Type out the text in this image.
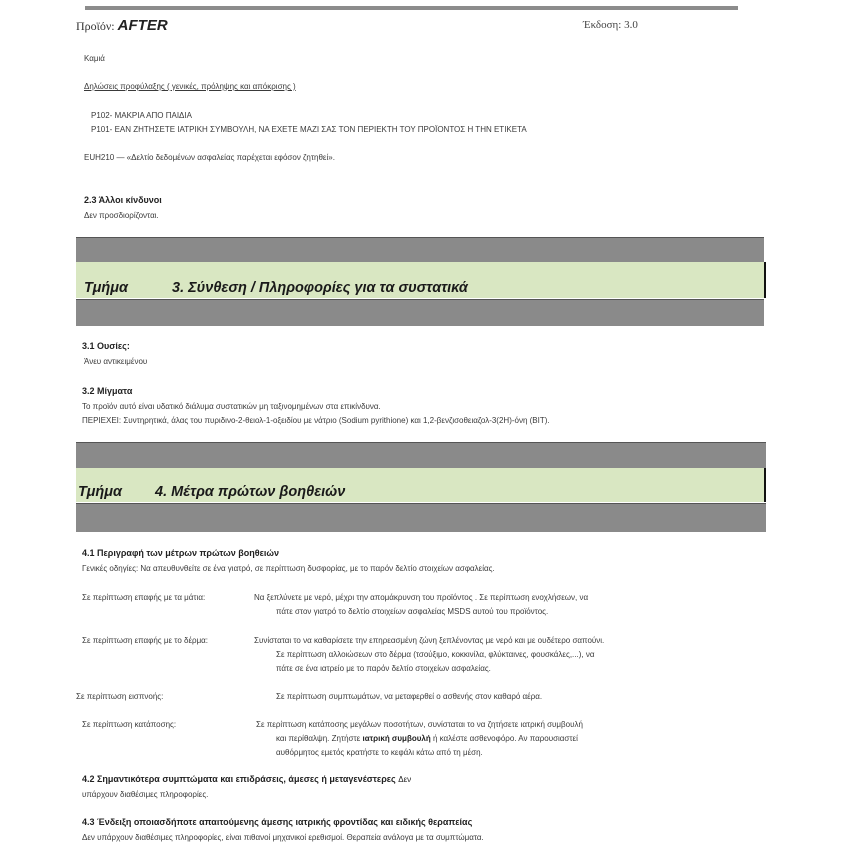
Προϊόν: AFTER	Έκδοση: 3.0
Καμιά
Δηλώσεις προφύλαξης ( γενικές, πρόληψης και απόκρισης )
P102- ΜΑΚΡΙΑ ΑΠΟ ΠΑΙΔΙΑ
P101- ΕΑΝ ΖΗΤΗΣΕΤΕ ΙΑΤΡΙΚΗ ΣΥΜΒΟΥΛΗ, ΝΑ ΕΧΕΤΕ ΜΑΖΙ ΣΑΣ ΤΟΝ ΠΕΡΙΕΚΤΗ ΤΟΥ ΠΡΟΪΟΝΤΟΣ Η ΤΗΝ ΕΤΙΚΕΤΑ
EUH210 — «Δελτίο δεδομένων ασφαλείας παρέχεται εφόσον ζητηθεί».
2.3 Άλλοι κίνδυνοι
Δεν προσδιορίζονται.
Τμήμα	3. Σύνθεση / Πληροφορίες για τα συστατικά
3.1 Ουσίες:
Άνευ αντικειμένου
3.2 Μίγματα
Το προϊόν αυτό είναι υδατικό διάλυμα συστατικών μη ταξινομημένων στα επικίνδυνα.
ΠΕΡΙΕΧΕΙ: Συντηρητικά, άλας του πυριδινο-2-θειολ-1-οξειδίου με νάτριο (Sodium pyrithione) και 1,2-βενζισοθειαζολ-3(2H)-όνη (BIT).
Τμήμα 4. Μέτρα πρώτων βοηθειών
4.1 Περιγραφή των μέτρων πρώτων βοηθειών
Γενικές οδηγίες: Να απευθυνθείτε σε ένα γιατρό, σε περίπτωση δυσφορίας, με το παρόν δελτίο στοιχείων ασφαλείας.
Σε περίπτωση επαφής με τα μάτια:	Να ξεπλύνετε με νερό, μέχρι την απομάκρυνση του προϊόντος . Σε περίπτωση ενοχλήσεων, να
πάτε στον γιατρό το δελτίο στοιχείων ασφαλείας MSDS αυτού του προϊόντος.
Σε περίπτωση επαφής με το δέρμα:	Συνίσταται το να καθαρίσετε την επηρεασμένη ζώνη ξεπλένοντας με νερό και με ουδέτερο σαπούνι.
Σε περίπτωση αλλοιώσεων στο δέρμα (τσούξιμο, κοκκινίλα, φλύκταινες, φουσκάλες,...), να
πάτε σε ένα ιατρείο με το παρόν δελτίο στοιχείων ασφαλείας.
Σε περίπτωση εισπνοής:	Σε περίπτωση συμπτωμάτων, να μεταφερθεί ο ασθενής στον καθαρό αέρα.
Σε περίπτωση κατάποσης:	Σε περίπτωση κατάποσης μεγάλων ποσοτήτων, συνίσταται το να ζητήσετε ιατρική συμβουλή
και περίθαλψη. Ζητήστε ιατρική συμβουλή ή καλέστε ασθενοφόρο. Αν παρουσιαστεί
αυθόρμητος εμετός κρατήστε το κεφάλι κάτω από τη μέση.
4.2 Σημαντικότερα συμπτώματα και επιδράσεις, άμεσες ή μεταγενέστερες Δεν
υπάρχουν διαθέσιμες πληροφορίες.
4.3 Ένδειξη οποιασδήποτε απαιτούμενης άμεσης ιατρικής φροντίδας και ειδικής θεραπείας
Δεν υπάρχουν διαθέσιμες πληροφορίες, είναι πιθανοί μηχανικοί ερεθισμοί. Θεραπεία ανάλογα με τα συμπτώματα.
